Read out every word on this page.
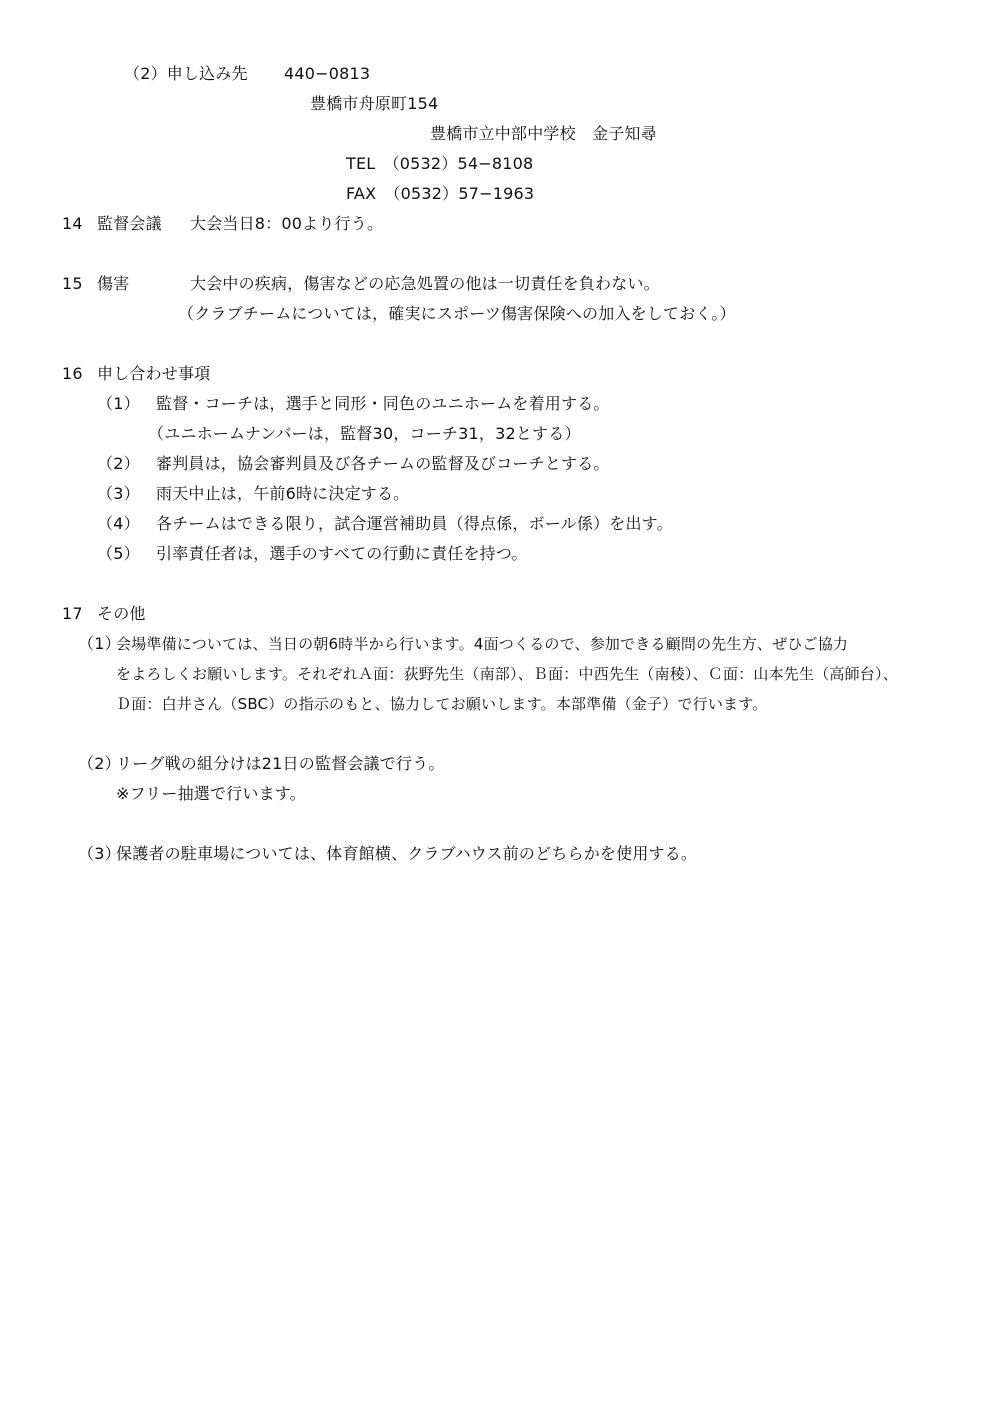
（2）申し込み先 440−0813
豊橋市舟原町154
豊橋市立中部中学校　金子知尋
TEL　（0532）54−8108
FAX　（0532）57−1963
14 監督会議 大会当日8：00より行う。
15 傷害	大会中の疾病，傷害などの応急処置の他は一切責任を負わない。
（クラブチームについては，確実にスポーツ傷害保険への加入をしておく。）
16 申し合わせ事項
（1） 監督・コーチは，選手と同形・同色のユニホームを着用する。
（ユニホームナンバーは，監督30，コーチ31，32とする）
（2） 審判員は，協会審判員及び各チームの監督及びコーチとする。
（3） 雨天中止は，午前6時に決定する。
（4） 各チームはできる限り，試合運営補助員（得点係，ボール係）を出す。
（5） 引率責任者は，選手のすべての行動に責任を持つ。
17 その他
（1）
会場準備については、当日の朝6時半から行います。4面つくるので、参加できる顧問の先生方、ぜひご協力
をよろしくお願いします。それぞれＡ面：荻野先生（南部）、Ｂ面：中西先生（南稜）、Ｃ面：山本先生（高師台）、
Ｄ面：白井さん（SBC）の指示のもと、協力してお願いします。本部準備（金子）で行います。
（2）
リーグ戦の組分けは21日の監督会議で行う。
※フリー抽選で行います。
（3）
保護者の駐車場については、体育館横、クラブハウス前のどちらかを使用する。
